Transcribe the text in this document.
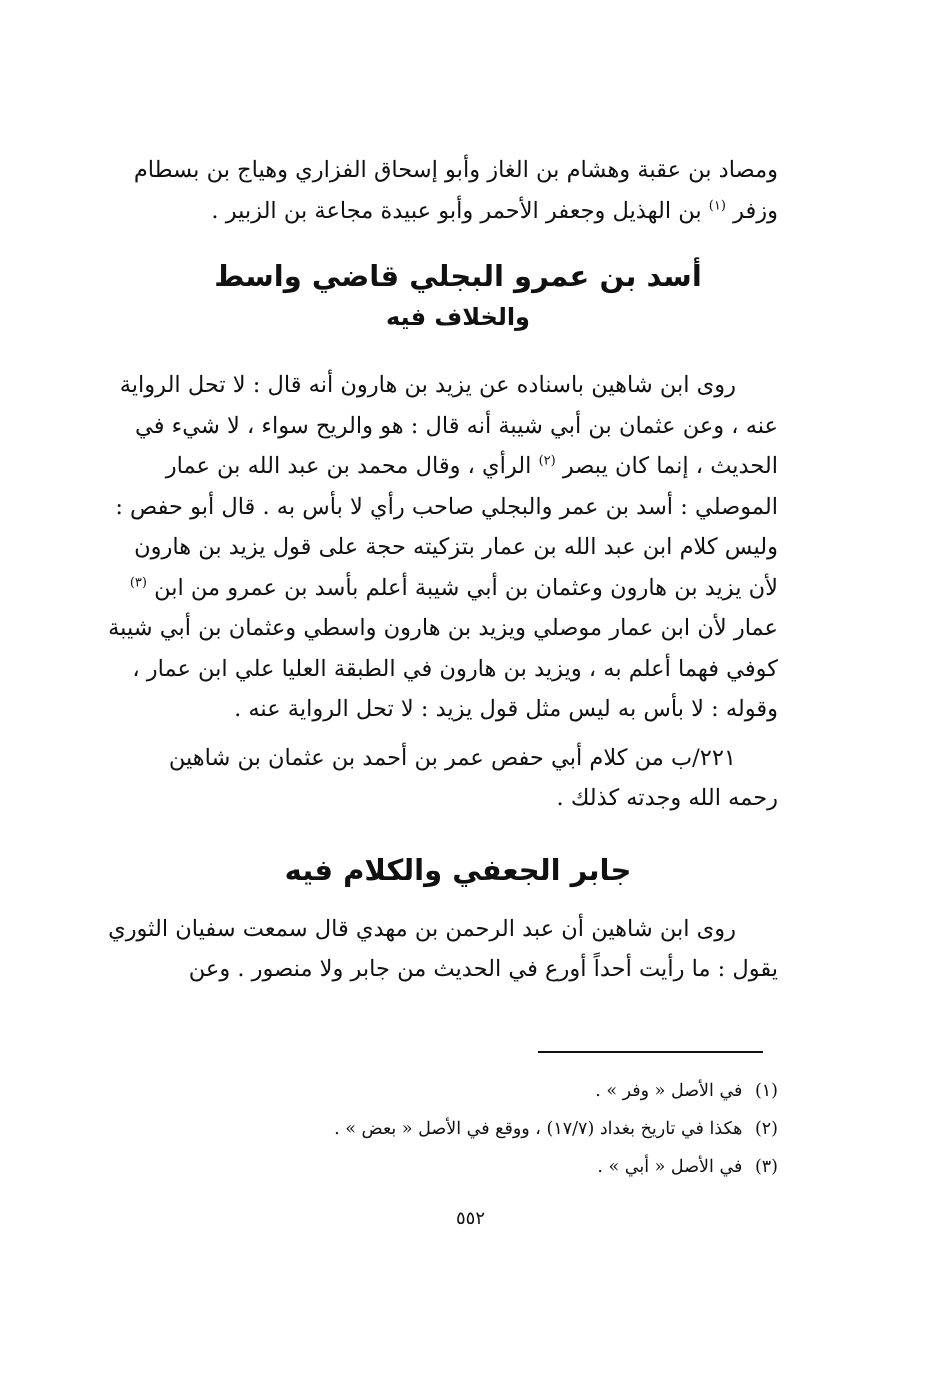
ومصاد بن عقبة وهشام بن الغاز وأبو إسحاق الفزاري وهياج بن بسطام
وزفر $^{(١)}$ بن الهذيل وجعفر الأحمر وأبو عبيدة مجاعة بن الزبير .

أسد بن عمرو البجلي قاضي واسط

والخلاف فيه

روى ابن شاهين باسناده عن يزيد بن هارون أنه قال : لا تحل الرواية
عنه ، وعن عثمان بن أبي شيبة أنه قال : هو والريح سواء ، لا شيء في
الحديث ، إنما كان يبصر $^{(٢)}$ الرأي ، وقال محمد بن عبد الله بن عمار
الموصلي : أسد بن عمر والبجلي صاحب رأي لا بأس به . قال أبو حفص :
وليس كلام ابن عبد الله بن عمار بتزكيته حجة على قول يزيد بن هارون
لأن يزيد بن هارون وعثمان بن أبي شيبة أعلم بأسد بن عمرو من ابن $^{(٣)}$
عمار لأن ابن عمار موصلي ويزيد بن هارون واسطي وعثمان بن أبي شيبة
كوفي فهما أعلم به ، ويزيد بن هارون في الطبقة العليا علي ابن عمار ،
وقوله : لا بأس به ليس مثل قول يزيد : لا تحل الرواية عنه .

٢٢١/ب من كلام أبي حفص عمر بن أحمد بن عثمان بن شاهين
رحمه الله وجدته كذلك .

جابر الجعفي والكلام فيه

روى ابن شاهين أن عبد الرحمن بن مهدي قال سمعت سفيان الثوري
يقول : ما رأيت أحداً أورع في الحديث من جابر ولا منصور . وعن

(١) في الأصل « وفر » .
(٢) هكذا في تاريخ بغداد (١٧/٧) ، ووقع في الأصل « بعض » .
(٣) في الأصل « أبي » .
٥٥٢
